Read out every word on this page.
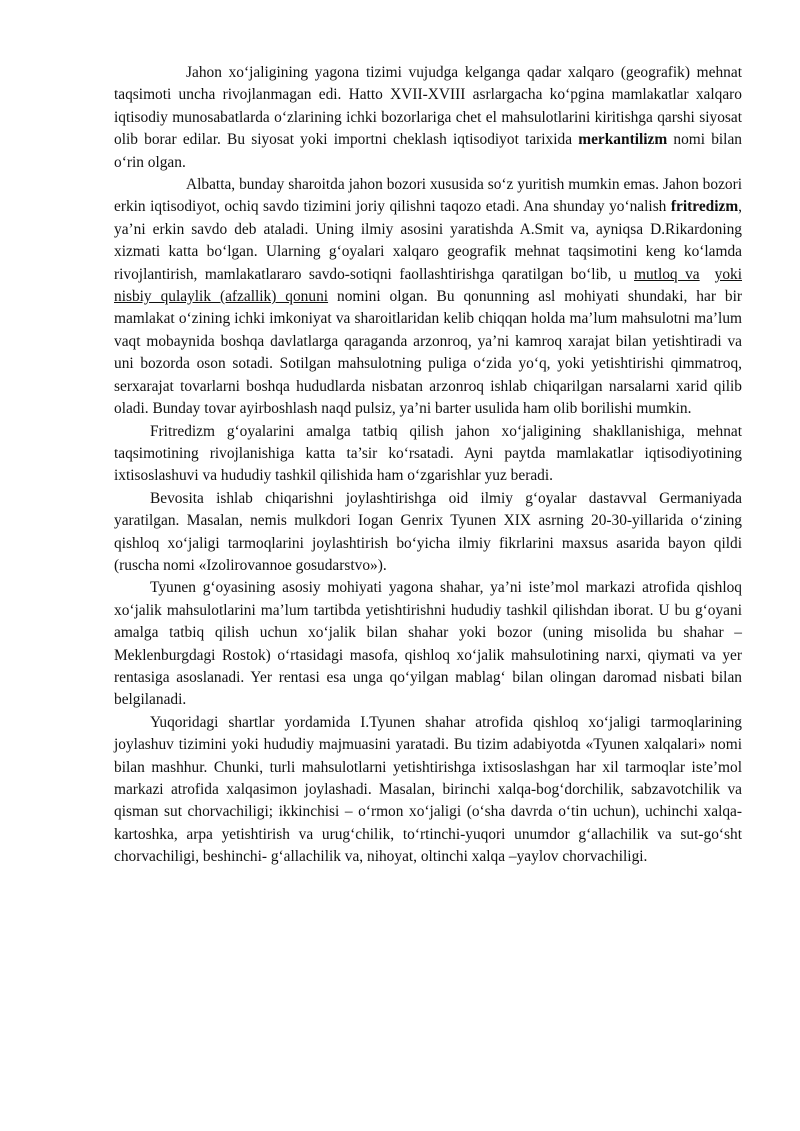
Jahon xo‘jaligining yagona tizimi vujudga kelganga qadar xalqaro (geografik) mehnat taqsimoti uncha rivojlanmagan edi. Hatto XVII-XVIII asrlargacha ko‘pgina mamlakatlar xalqaro iqtisodiy munosabatlarda o‘zlarining ichki bozorlariga chet el mahsulotlarini kiritishga qarshi siyosat olib borar edilar. Bu siyosat yoki importni cheklash iqtisodiyot tarixida merkantilizm nomi bilan o‘rin olgan.

Albatta, bunday sharoitda jahon bozori xususida so‘z yuritish mumkin emas. Jahon bozori erkin iqtisodiyot, ochiq savdo tizimini joriy qilishni taqozo etadi. Ana shunday yo‘nalish fritredizm, ya’ni erkin savdo deb ataladi. Uning ilmiy asosini yaratishda A.Smit va, ayniqsa D.Rikardoning xizmati katta bo‘lgan. Ularning g‘oyalari xalqaro geografik mehnat taqsimotini keng ko‘lamda rivojlantirish, mamlakatlararo savdo-sotiqni faollashtirishga qaratilgan bo‘lib, u mutloq va yoki nisbiy qulaylik (afzallik) qonuni nomini olgan. Bu qonunning asl mohiyati shundaki, har bir mamlakat o‘zining ichki imkoniyat va sharoitlaridan kelib chiqqan holda ma’lum mahsulotni ma’lum vaqt mobaynida boshqa davlatlarga qaraganda arzonroq, ya’ni kamroq xarajat bilan yetishtiradi va uni bozorda oson sotadi. Sotilgan mahsulotning puliga o‘zida yo‘q, yoki yetishtirishi qimmatroq, serxarajat tovarlarni boshqa hududlarda nisbatan arzonroq ishlab chiqarilgan narsalarni xarid qilib oladi. Bunday tovar ayirboshlash naqd pulsiz, ya’ni barter usulida ham olib borilishi mumkin.

Fritredizm g‘oyalarini amalga tatbiq qilish jahon xo‘jaligining shakllanishiga, mehnat taqsimotining rivojlanishiga katta ta’sir ko‘rsatadi. Ayni paytda mamlakatlar iqtisodiyotining ixtisoslashuvi va hududiy tashkil qilishida ham o‘zgarishlar yuz beradi.

Bevosita ishlab chiqarishni joylashtirishga oid ilmiy g‘oyalar dastavval Germaniyada yaratilgan. Masalan, nemis mulkdori Iogan Genrix Tyunen XIX asrning 20-30-yillarida o‘zining qishloq xo‘jaligi tarmoqlarini joylashtirish bo‘yicha ilmiy fikrlarini maxsus asarida bayon qildi (ruscha nomi «Izolirovannoe gosudarstvo»).

Tyunen g‘oyasining asosiy mohiyati yagona shahar, ya’ni iste’mol markazi atrofida qishloq xo‘jalik mahsulotlarini ma’lum tartibda yetishtirishni hududiy tashkil qilishdan iborat. U bu g‘oyani amalga tatbiq qilish uchun xo‘jalik bilan shahar yoki bozor (uning misolida bu shahar –Meklenburgdagi Rostok) o‘rtasidagi masofa, qishloq xo‘jalik mahsulotining narxi, qiymati va yer rentasiga asoslanadi. Yer rentasi esa unga qo‘yilgan mablag‘ bilan olingan daromad nisbati bilan belgilanadi.

Yuqoridagi shartlar yordamida I.Tyunen shahar atrofida qishloq xo‘jaligi tarmoqlarining joylashuv tizimini yoki hududiy majmuasini yaratadi. Bu tizim adabiyotda «Tyunen xalqalari» nomi bilan mashhur. Chunki, turli mahsulotlarni yetishtirishga ixtisoslashgan har xil tarmoqlar iste’mol markazi atrofida xalqasimon joylashadi. Masalan, birinchi xalqa-bog‘dorchilik, sabzavotchilik va qisman sut chorvachiligi; ikkinchisi – o‘rmon xo‘jaligi (o‘sha davrda o‘tin uchun), uchinchi xalqa- kartoshka, arpa yetishtirish va urug‘chilik, to‘rtinchi-yuqori unumdor g‘allachilik va sut-go‘sht chorvachiligi, beshinchi- g‘allachilik va, nihoyat, oltinchi xalqa –yaylov chorvachiligi.
